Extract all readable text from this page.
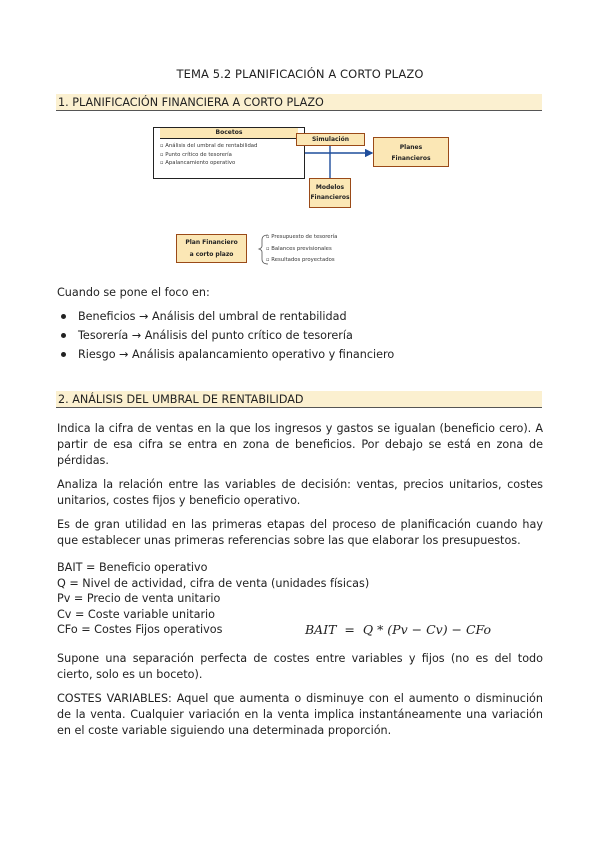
TEMA 5.2 PLANIFICACIÓN A CORTO PLAZO
1. PLANIFICACIÓN FINANCIERA A CORTO PLAZO
Bocetos
▫ Análisis del umbral de rentabilidad
▫ Punto crítico de tesorería
▫ Apalancamiento operativo
Simulación
Planes
Financieros
Modelos
Financieros
Plan Financiero
a corto plazo
▫ Presupuesto de tesorería
▫ Balances previsionales
▫ Resultados proyectados
Cuando se pone el foco en:
Beneficios → Análisis del umbral de rentabilidad
Tesorería → Análisis del punto crítico de tesorería
Riesgo → Análisis apalancamiento operativo y financiero
2. ANÁLISIS DEL UMBRAL DE RENTABILIDAD
Indica la cifra de ventas en la que los ingresos y gastos se igualan (beneficio cero). A partir de esa cifra se entra en zona de beneficios. Por debajo se está en zona de pérdidas.
Analiza la relación entre las variables de decisión: ventas, precios unitarios, costes unitarios, costes fijos y beneficio operativo.
Es de gran utilidad en las primeras etapas del proceso de planificación cuando hay que establecer unas primeras referencias sobre las que elaborar los presupuestos.
BAIT = Beneficio operativo
Q = Nivel de actividad, cifra de venta (unidades físicas)
Pv = Precio de venta unitario
Cv = Coste variable unitario
CFo = Costes Fijos operativos	BAIT  =  Q * (Pv − Cv) − CFo
Supone una separación perfecta de costes entre variables y fijos (no es del todo cierto, solo es un boceto).
COSTES VARIABLES: Aquel que aumenta o disminuye con el aumento o disminución de la venta. Cualquier variación en la venta implica instantáneamente una variación en el coste variable siguiendo una determinada proporción.
